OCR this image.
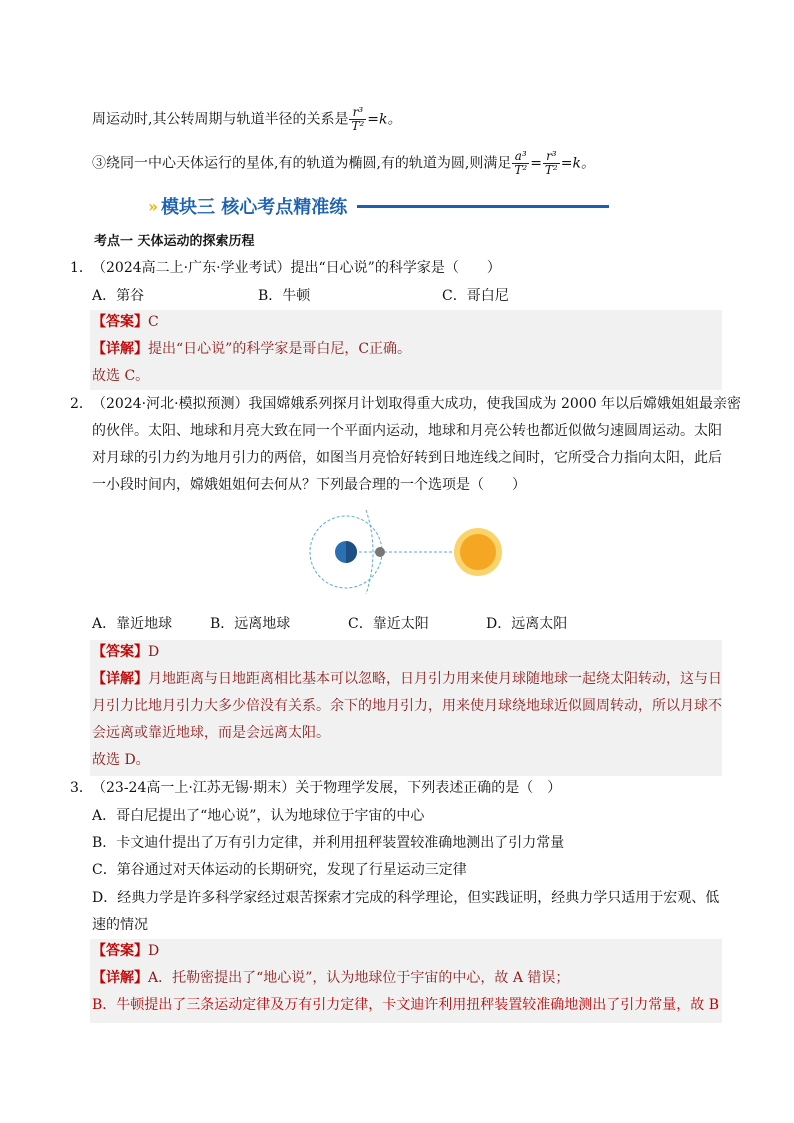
周运动时,其公转周期与轨道半径的关系是 $\frac{\text{r³}}{\text{T²}} =k$。
③绕同一中心天体运行的星体,有的轨道为椭圆,有的轨道为圆,则满足 $\frac{\text{a³}}{\text{T²}} = \frac{\text{r³}}{\text{T²}} =k$。
» 模块三 核心考点精准练
考点一 天体运动的探索历程
1． （2024高二上·广东·学业考试）提出“日心说”的科学家是（　　）
A．第谷	B．牛顿	C．哥白尼
【答案】C
【详解】提出“日心说”的科学家是哥白尼，C正确。
故选 C。
2． （2024·河北·模拟预测）我国嫦娥系列探月计划取得重大成功，使我国成为 2000 年以后嫦娥姐姐最亲密
的伙伴。太阳、地球和月亮大致在同一个平面内运动，地球和月亮公转也都近似做匀速圆周运动。太阳
对月球的引力约为地月引力的两倍，如图当月亮恰好转到日地连线之间时，它所受合力指向太阳，此后
一小段时间内，嫦娥姐姐何去何从？下列最合理的一个选项是（　　）
A．靠近地球	B．远离地球	C．靠近太阳	D．远离太阳
【答案】D
【详解】月地距离与日地距离相比基本可以忽略，日月引力用来使月球随地球一起绕太阳转动，这与日
月引力比地月引力大多少倍没有关系。余下的地月引力，用来使月球绕地球近似圆周转动，所以月球不
会远离或靠近地球，而是会远离太阳。
故选 D。
3． （23-24高一上·江苏无锡·期末）关于物理学发展，下列表述正确的是（　）
A．哥白尼提出了“地心说”，认为地球位于宇宙的中心
B．卡文迪什提出了万有引力定律，并利用扭秤装置较准确地测出了引力常量
C．第谷通过对天体运动的长期研究，发现了行星运动三定律
D．经典力学是许多科学家经过艰苦探索才完成的科学理论，但实践证明，经典力学只适用于宏观、低
速的情况
【答案】D
【详解】A．托勒密提出了“地心说”，认为地球位于宇宙的中心，故 A 错误；
B．牛顿提出了三条运动定律及万有引力定律，卡文迪许利用扭秤装置较准确地测出了引力常量，故 B
